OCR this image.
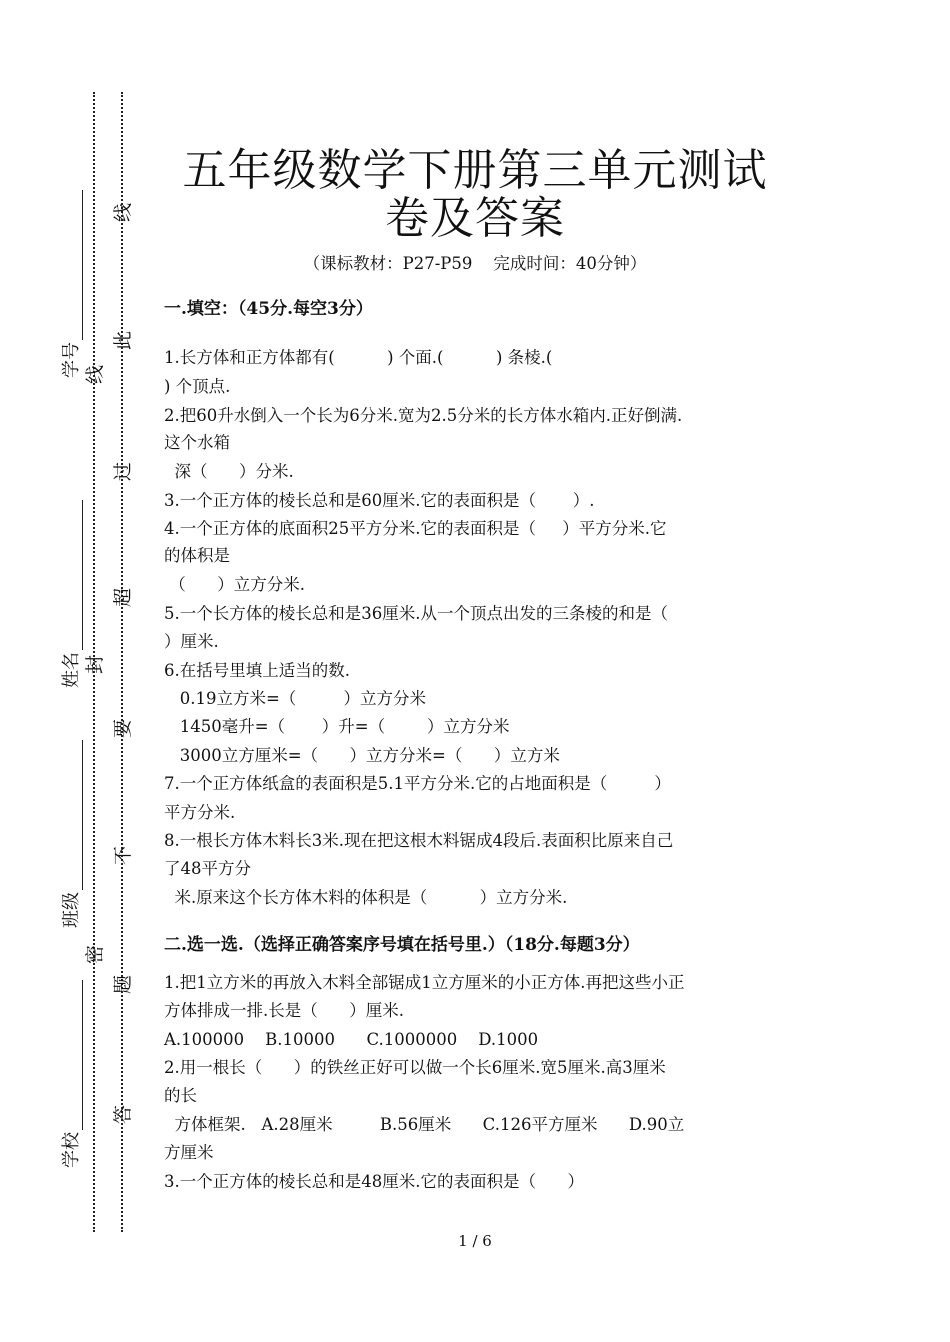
学号
姓名
班级
学校
线
封
密
线
此
过
超
要
不
题
答
五年级数学下册第三单元测试
卷及答案
（课标教材：P27-P59    完成时间：40分钟）
一.填空：（45分.每空3分）
1.长方体和正方体都有(          ) 个面.(          ) 条棱.(
) 个顶点.
2.把60升水倒入一个长为6分米.宽为2.5分米的长方体水箱内.正好倒满.
这个水箱
深（      ）分米.
3.一个正方体的棱长总和是60厘米.它的表面积是（       ）.
4.一个正方体的底面积25平方分米.它的表面积是（     ）平方分米.它
的体积是
（      ）立方分米.
5.一个长方体的棱长总和是36厘米.从一个顶点出发的三条棱的和是（
）厘米.
6.在括号里填上适当的数.
0.19立方米=（         ）立方分米
1450毫升=（       ）升=（        ）立方分米
3000立方厘米=（      ）立方分米=（      ）立方米
7.一个正方体纸盒的表面积是5.1平方分米.它的占地面积是（         ）
平方分米.
8.一根长方体木料长3米.现在把这根木料锯成4段后.表面积比原来自己
了48平方分
米.原来这个长方体木料的体积是（          ）立方分米.
二.选一选.（选择正确答案序号填在括号里.）（18分.每题3分）
1.把1立方米的再放入木料全部锯成1立方厘米的小正方体.再把这些小正
方体排成一排.长是（      ）厘米.
A.100000    B.10000      C.1000000    D.1000
2.用一根长（      ）的铁丝正好可以做一个长6厘米.宽5厘米.高3厘米
的长
方体框架.   A.28厘米         B.56厘米      C.126平方厘米      D.90立
方厘米
3.一个正方体的棱长总和是48厘米.它的表面积是（      ）
1 / 6
